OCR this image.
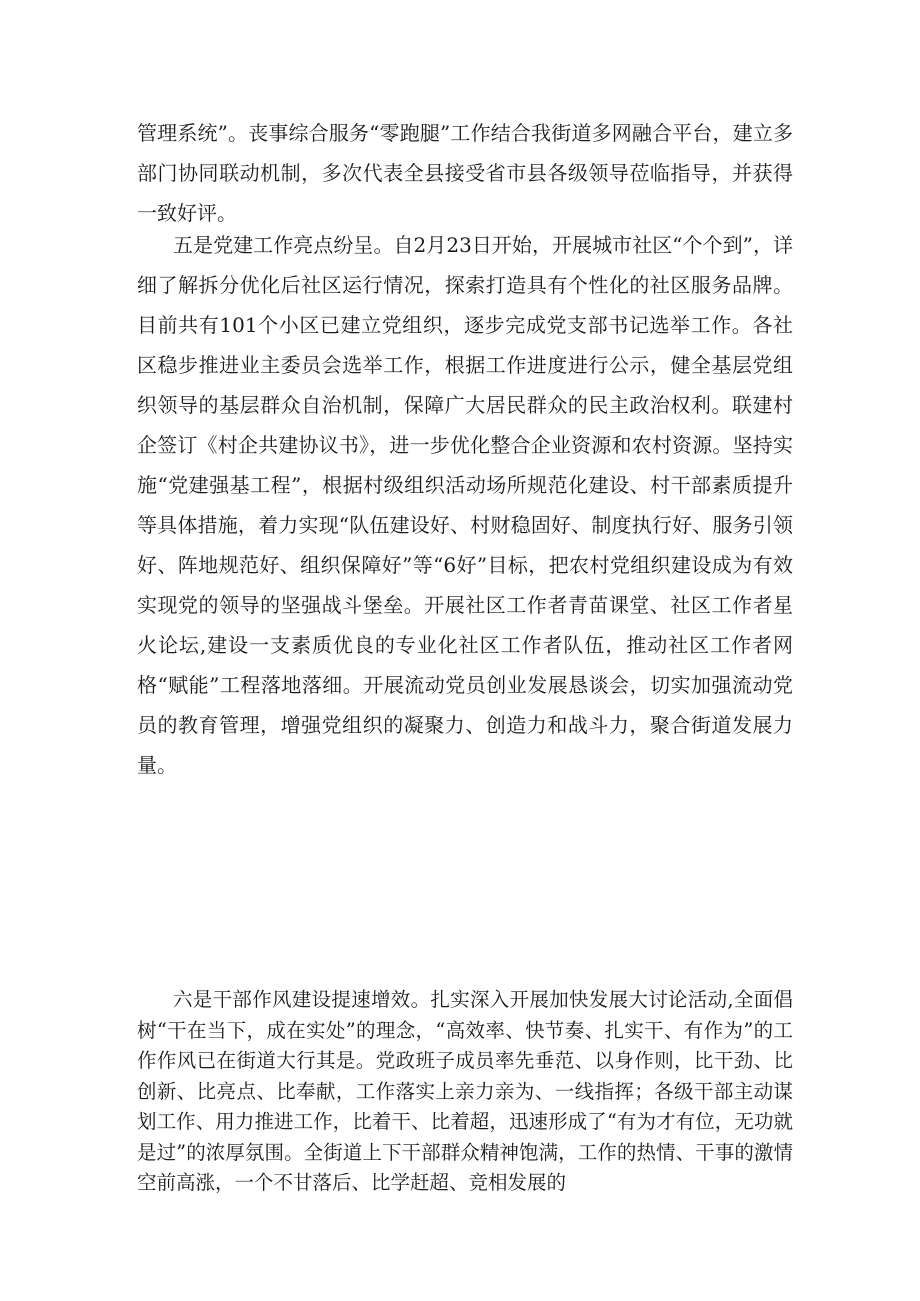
管理系统”。丧事综合服务“零跑腿”工作结合我街道多网融合平台，建立多部门协同联动机制，多次代表全县接受省市县各级领导莅临指导，并获得一致好评。

五是党建工作亮点纷呈。自2月23日开始，开展城市社区“个个到”，详细了解拆分优化后社区运行情况，探索打造具有个性化的社区服务品牌。目前共有101个小区已建立党组织，逐步完成党支部书记选举工作。各社区稳步推进业主委员会选举工作，根据工作进度进行公示，健全基层党组织领导的基层群众自治机制，保障广大居民群众的民主政治权利。联建村企签订《村企共建协议书》，进一步优化整合企业资源和农村资源。坚持实施“党建强基工程”，根据村级组织活动场所规范化建设、村干部素质提升等具体措施，着力实现“队伍建设好、村财稳固好、制度执行好、服务引领好、阵地规范好、组织保障好”等“6好”目标，把农村党组织建设成为有效实现党的领导的坚强战斗堡垒。开展社区工作者青苗课堂、社区工作者星火论坛,建设一支素质优良的专业化社区工作者队伍，推动社区工作者网格“赋能”工程落地落细。开展流动党员创业发展恳谈会，切实加强流动党员的教育管理，增强党组织的凝聚力、创造力和战斗力，聚合街道发展力量。

六是干部作风建设提速增效。扎实深入开展加快发展大讨论活动,全面倡树“干在当下，成在实处”的理念，“高效率、快节奏、扎实干、有作为”的工作作风已在街道大行其是。党政班子成员率先垂范、以身作则，比干劲、比创新、比亮点、比奉献，工作落实上亲力亲为、一线指挥；各级干部主动谋划工作、用力推进工作，比着干、比着超，迅速形成了“有为才有位，无功就是过”的浓厚氛围。全街道上下干部群众精神饱满，工作的热情、干事的激情空前高涨，一个不甘落后、比学赶超、竞相发展的
